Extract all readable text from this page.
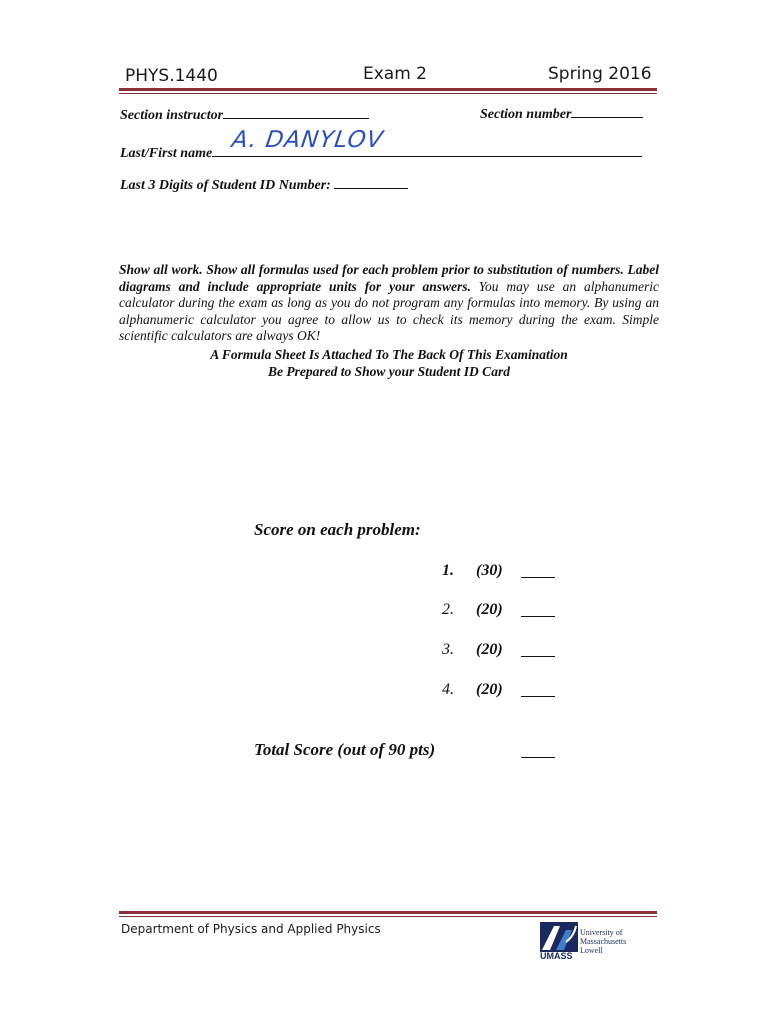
PHYS.1440	Exam 2	Spring 2016
Section instructor	Section number
Last/First name
A. DANYLOV
Last 3 Digits of Student ID Number:
Show all work. Show all formulas used for each problem prior to substitution of numbers. Label diagrams and include appropriate units for your answers. You may use an alphanumeric calculator during the exam as long as you do not program any formulas into memory. By using an alphanumeric calculator you agree to allow us to check its memory during the exam. Simple scientific calculators are always OK!
A Formula Sheet Is Attached To The Back Of This Examination
Be Prepared to Show your Student ID Card
Score on each problem:
1. (30)
2. (20)
3. (20)
4. (20)
Total Score (out of 90 pts)
Department of Physics and Applied Physics	University of
Massachusetts
Lowell
UMASS
